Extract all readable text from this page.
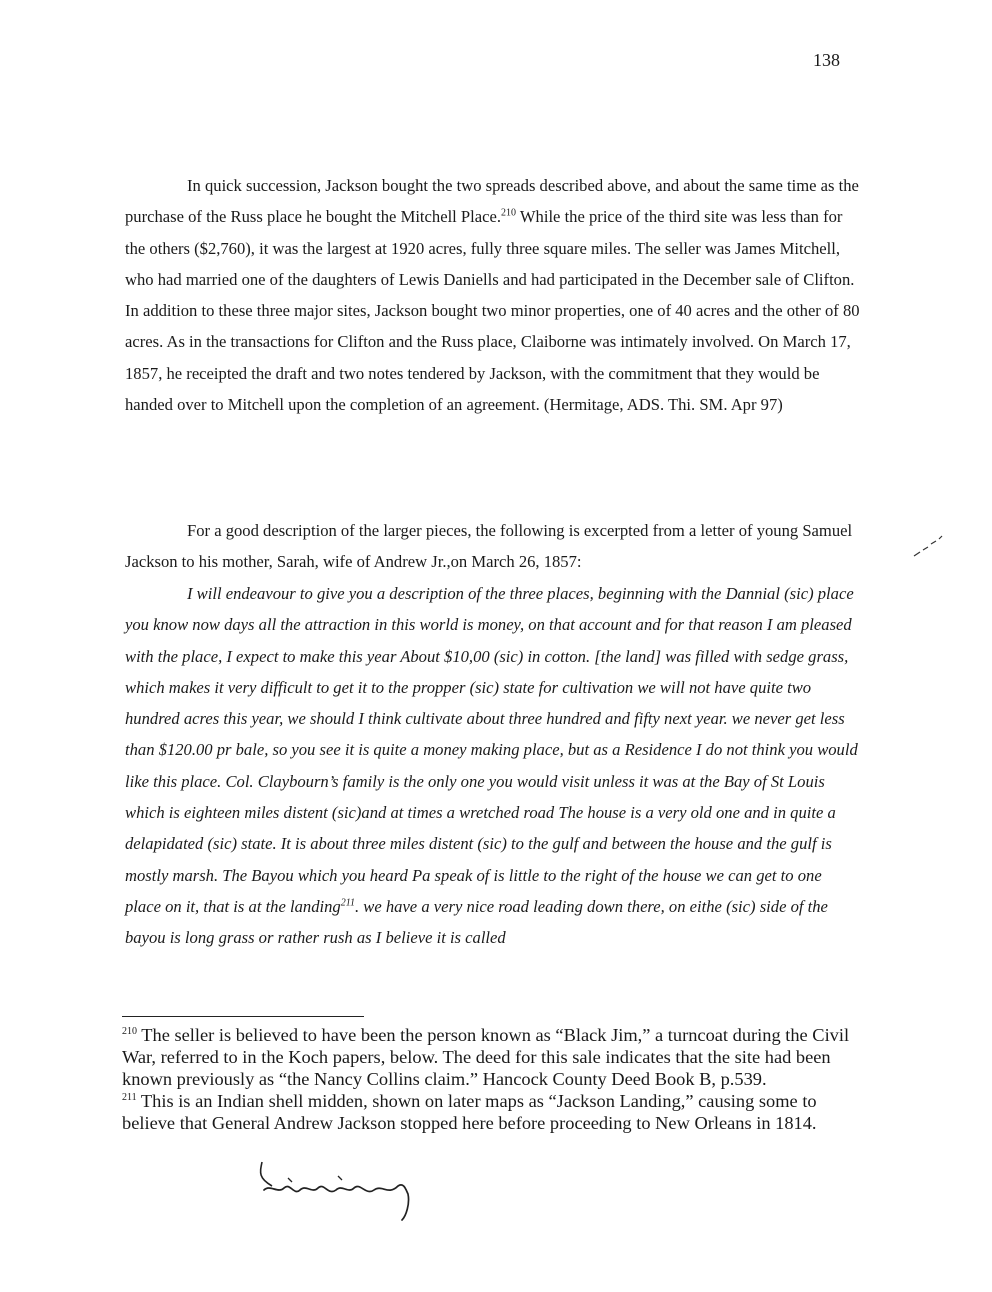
138

In quick succession, Jackson bought the two spreads described above, and about the same time as the purchase of the Russ place he bought the Mitchell Place.$^{210}$ While the price of the third site was less than for the others ($2,760), it was the largest at 1920 acres, fully three square miles. The seller was James Mitchell, who had married one of the daughters of Lewis Daniells and had participated in the December sale of Clifton. In addition to these three major sites, Jackson bought two minor properties, one of 40 acres and the other of 80 acres. As in the transactions for Clifton and the Russ place, Claiborne was intimately involved. On March 17, 1857, he receipted the draft and two notes tendered by Jackson, with the commitment that they would be handed over to Mitchell upon the completion of an agreement. (Hermitage, ADS. Thi. SM. Apr 97)

For a good description of the larger pieces, the following is excerpted from a letter of young Samuel Jackson to his mother, Sarah, wife of Andrew Jr.,on March 26, 1857:

I will endeavour to give you a description of the three places, beginning with the Dannial (sic) place you know now days all the attraction in this world is money, on that account and for that reason I am pleased with the place, I expect to make this year About $10,00 (sic) in cotton. [the land] was filled with sedge grass, which makes it very difficult to get it to the propper (sic) state for cultivation we will not have quite two hundred acres this year, we should I think cultivate about three hundred and fifty next year. we never get less than $120.00 pr bale, so you see it is quite a money making place, but as a Residence I do not think you would like this place. Col. Claybourn’s family is the only one you would visit unless it was at the Bay of St Louis which is eighteen miles distent (sic)and at times a wretched road The house is a very old one and in quite a delapidated (sic) state. It is about three miles distent (sic) to the gulf and between the house and the gulf is mostly marsh. The Bayou which you heard Pa speak of is little to the right of the house we can get to one place on it, that is at the landing$^{211}$. we have a very nice road leading down there, on eithe (sic) side of the bayou is long grass or rather rush as I believe it is called

$^{210}$ The seller is believed to have been the person known as “Black Jim,” a turncoat during the Civil War, referred to in the Koch papers, below. The deed for this sale indicates that the site had been known previously as “the Nancy Collins claim.” Hancock County Deed Book B, p.539.

$^{211}$ This is an Indian shell midden, shown on later maps as “Jackson Landing,” causing some to believe that General Andrew Jackson stopped here before proceeding to New Orleans in 1814.
